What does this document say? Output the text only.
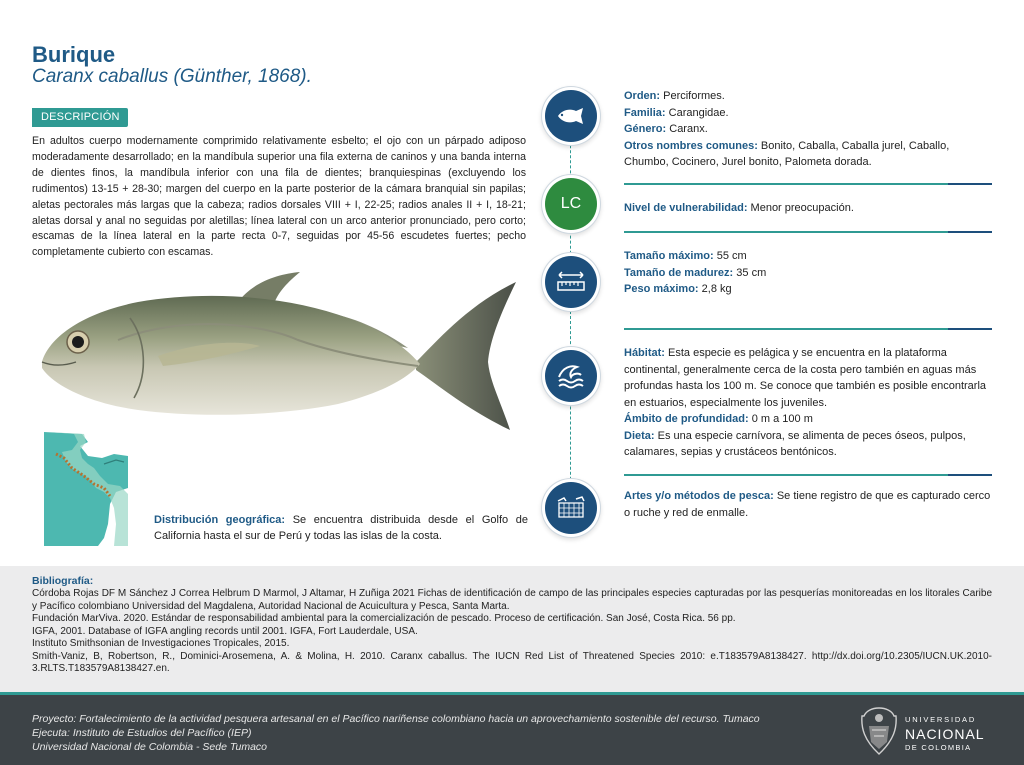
Burique
Caranx caballus (Günther, 1868).
DESCRIPCIÓN
En adultos cuerpo modernamente comprimido relativamente esbelto; el ojo con un párpado adiposo moderadamente desarrollado; en la mandíbula superior una fila externa de caninos y una banda interna de dientes finos, la mandíbula inferior con una fila de dientes; branquiespinas (excluyendo los rudimentos) 13-15 + 28-30; margen del cuerpo en la parte posterior de la cámara branquial sin papilas; aletas pectorales más largas que la cabeza; radios dorsales VIII + I, 22-25; radios anales II + I, 18-21; aletas dorsal y anal no seguidas por aletillas; línea lateral con un arco anterior pronunciado, pero corto; escamas de la línea lateral en la parte recta 0-7, seguidas por 45-56 escudetes fuertes; pecho completamente cubierto con escamas.
Distribución geográfica: Se encuentra distribuida desde el Golfo de California hasta el sur de Perú y todas las islas de la costa.
LC
Orden: Perciformes.
Familia: Carangidae.
Género: Caranx.
Otros nombres comunes: Bonito, Caballa, Caballa jurel, Caballo, Chumbo, Cocinero, Jurel bonito, Palometa dorada.
Nivel de vulnerabilidad: Menor preocupación.
Tamaño máximo: 55 cm
Tamaño de madurez: 35 cm
Peso máximo: 2,8 kg
Hábitat: Esta especie es pelágica y se encuentra en la plataforma continental, generalmente cerca de la costa pero también en aguas más profundas hasta los 100 m. Se conoce que también es posible encontrarla en estuarios, especialmente los juveniles.
Ámbito de profundidad: 0 m a 100 m
Dieta: Es una especie carnívora, se alimenta de peces óseos, pulpos, calamares, sepias y crustáceos bentónicos.
Artes y/o métodos de pesca: Se tiene registro de que es capturado cerco o ruche y red de enmalle.
Bibliografía:

Córdoba Rojas DF M Sánchez J Correa Helbrum D Marmol, J Altamar, H Zuñiga 2021 Fichas de identificación de campo de las principales especies capturadas por las pesquerías monitoreadas en los litorales Caribe y Pacífico colombiano Universidad del Magdalena, Autoridad Nacional de Acuicultura y Pesca, Santa Marta.

Fundación MarViva. 2020. Estándar de responsabilidad ambiental para la comercialización de pescado. Proceso de certificación. San José, Costa Rica. 56 pp.

IGFA, 2001. Database of IGFA angling records until 2001. IGFA, Fort Lauderdale, USA.

Instituto Smithsonian de Investigaciones Tropicales, 2015.

Smith-Vaniz, B, Robertson, R., Dominici-Arosemena, A. & Molina, H. 2010. Caranx caballus. The IUCN Red List of Threatened Species 2010: e.T183579A8138427. http://dx.doi.org/10.2305/IUCN.UK.2010-3.RLTS.T183579A8138427.en.

Proyecto: Fortalecimiento de la actividad pesquera artesanal en el Pacífico nariñense colombiano hacia un aprovechamiento sostenible del recurso. Tumaco

Ejecuta: Instituto de Estudios del Pacífico (IEP)

Universidad Nacional de Colombia - Sede Tumaco

UNIVERSIDAD
NACIONAL
DE COLOMBIA
